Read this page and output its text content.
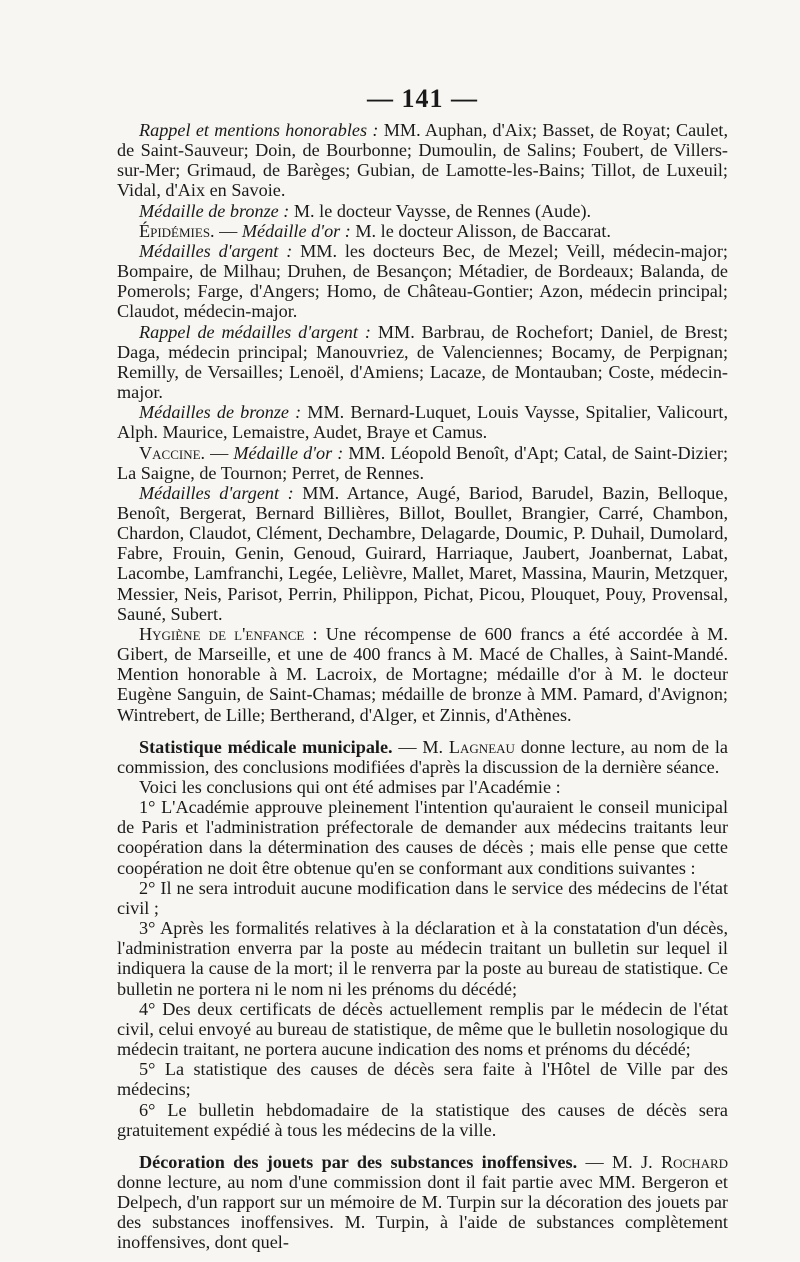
— 141 —

Rappel et mentions honorables : MM. Auphan, d'Aix; Basset, de Royat; Caulet, de Saint-Sauveur; Doin, de Bourbonne; Dumoulin, de Salins; Foubert, de Villers-sur-Mer; Grimaud, de Barèges; Gubian, de Lamotte-les-Bains; Tillot, de Luxeuil; Vidal, d'Aix en Savoie.

Médaille de bronze : M. le docteur Vaysse, de Rennes (Aude).

Épidémies. — Médaille d'or : M. le docteur Alisson, de Baccarat.

Médailles d'argent : MM. les docteurs Bec, de Mezel; Veill, médecin-major; Bompaire, de Milhau; Druhen, de Besançon; Métadier, de Bordeaux; Balanda, de Pomerols; Farge, d'Angers; Homo, de Château-Gontier; Azon, médecin principal; Claudot, médecin-major.

Rappel de médailles d'argent : MM. Barbrau, de Rochefort; Daniel, de Brest; Daga, médecin principal; Manouvriez, de Valenciennes; Bocamy, de Perpignan; Remilly, de Versailles; Lenoël, d'Amiens; Lacaze, de Montauban; Coste, médecin-major.

Médailles de bronze : MM. Bernard-Luquet, Louis Vaysse, Spitalier, Valicourt, Alph. Maurice, Lemaistre, Audet, Braye et Camus.

Vaccine. — Médaille d'or : MM. Léopold Benoît, d'Apt; Catal, de Saint-Dizier; La Saigne, de Tournon; Perret, de Rennes.

Médailles d'argent : MM. Artance, Augé, Bariod, Barudel, Bazin, Belloque, Benoît, Bergerat, Bernard Billières, Billot, Boullet, Brangier, Carré, Chambon, Chardon, Claudot, Clément, Dechambre, Delagarde, Doumic, P. Duhail, Dumolard, Fabre, Frouin, Genin, Genoud, Guirard, Harriaque, Jaubert, Joanbernat, Labat, Lacombe, Lamfranchi, Legée, Lelièvre, Mallet, Maret, Massina, Maurin, Metzquer, Messier, Neis, Parisot, Perrin, Philippon, Pichat, Picou, Plouquet, Pouy, Provensal, Sauné, Subert.

Hygiène de l'enfance : Une récompense de 600 francs a été accordée à M. Gibert, de Marseille, et une de 400 francs à M. Macé de Challes, à Saint-Mandé. Mention honorable à M. Lacroix, de Mortagne; médaille d'or à M. le docteur Eugène Sanguin, de Saint-Chamas; médaille de bronze à MM. Pamard, d'Avignon; Wintrebert, de Lille; Bertherand, d'Alger, et Zinnis, d'Athènes.

Statistique médicale municipale. — M. Lagneau donne lecture, au nom de la commission, des conclusions modifiées d'après la discussion de la dernière séance.

Voici les conclusions qui ont été admises par l'Académie :

1° L'Académie approuve pleinement l'intention qu'auraient le conseil municipal de Paris et l'administration préfectorale de demander aux médecins traitants leur coopération dans la détermination des causes de décès ; mais elle pense que cette coopération ne doit être obtenue qu'en se conformant aux conditions suivantes :

2° Il ne sera introduit aucune modification dans le service des médecins de l'état civil ;

3° Après les formalités relatives à la déclaration et à la constatation d'un décès, l'administration enverra par la poste au médecin traitant un bulletin sur lequel il indiquera la cause de la mort; il le renverra par la poste au bureau de statistique. Ce bulletin ne portera ni le nom ni les prénoms du décédé;

4° Des deux certificats de décès actuellement remplis par le médecin de l'état civil, celui envoyé au bureau de statistique, de même que le bulletin nosologique du médecin traitant, ne portera aucune indication des noms et prénoms du décédé;

5° La statistique des causes de décès sera faite à l'Hôtel de Ville par des médecins;

6° Le bulletin hebdomadaire de la statistique des causes de décès sera gratuitement expédié à tous les médecins de la ville.

Décoration des jouets par des substances inoffensives. — M. J. Rochard donne lecture, au nom d'une commission dont il fait partie avec MM. Bergeron et Delpech, d'un rapport sur un mémoire de M. Turpin sur la décoration des jouets par des substances inoffensives. M. Turpin, à l'aide de substances complètement inoffensives, dont quel-
